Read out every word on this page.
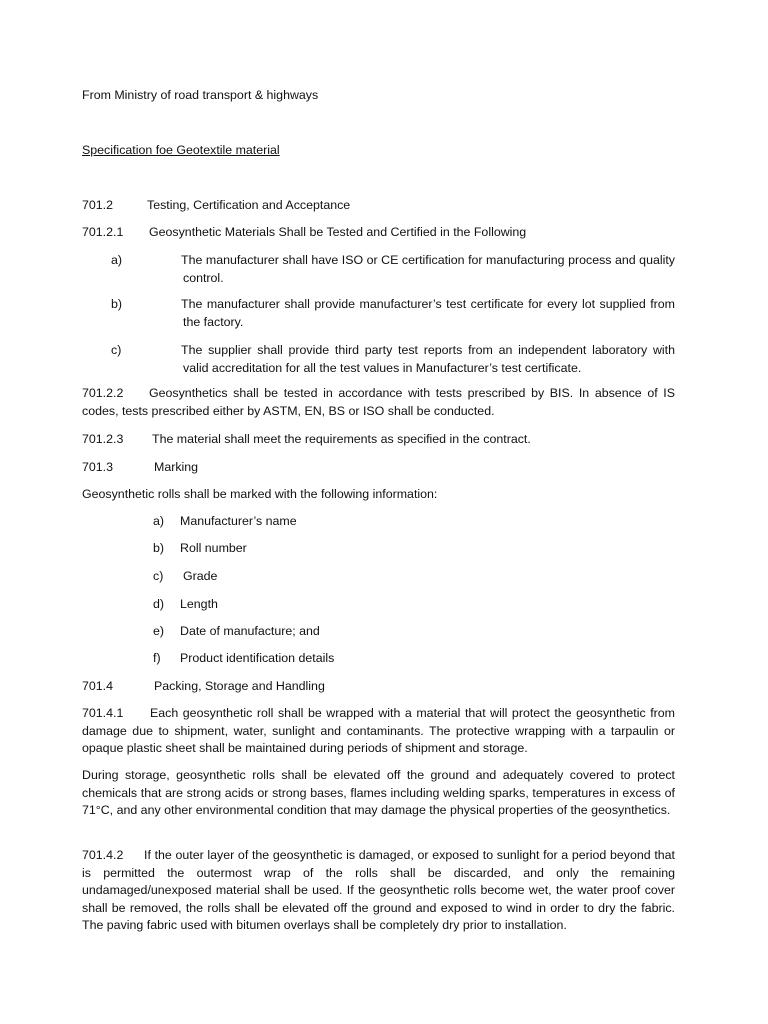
From Ministry of road transport & highways
Specification foe Geotextile material
701.2	Testing, Certification and Acceptance
701.2.1 Geosynthetic Materials Shall be Tested and Certified in the Following
a)	The manufacturer shall have ISO or CE certification for manufacturing process and quality control.
b)	The manufacturer shall provide manufacturer’s test certificate for every lot supplied from the factory.
c)	The supplier shall provide third party test reports from an independent laboratory with valid accreditation for all the test values in Manufacturer’s test certificate.
701.2.2 Geosynthetics shall be tested in accordance with tests prescribed by BIS. In absence of IS codes, tests prescribed either by ASTM, EN, BS or ISO shall be conducted.
701.2.3 The material shall meet the requirements as specified in the contract.
701.3	Marking
Geosynthetic rolls shall be marked with the following information:
a) Manufacturer’s name
b) Roll number
c) Grade
d) Length
e) Date of manufacture; and
f) Product identification details
701.4	Packing, Storage and Handling
701.4.1 Each geosynthetic roll shall be wrapped with a material that will protect the geosynthetic from damage due to shipment, water, sunlight and contaminants. The protective wrapping with a tarpaulin or opaque plastic sheet shall be maintained during periods of shipment and storage.
During storage, geosynthetic rolls shall be elevated off the ground and adequately covered to protect chemicals that are strong acids or strong bases, flames including welding sparks, temperatures in excess of 71°C, and any other environmental condition that may damage the physical properties of the geosynthetics.
701.4.2 If the outer layer of the geosynthetic is damaged, or exposed to sunlight for a period beyond that is permitted the outermost wrap of the rolls shall be discarded, and only the remaining undamaged/unexposed material shall be used. If the geosynthetic rolls become wet, the water proof cover shall be removed, the rolls shall be elevated off the ground and exposed to wind in order to dry the fabric. The paving fabric used with bitumen overlays shall be completely dry prior to installation.
